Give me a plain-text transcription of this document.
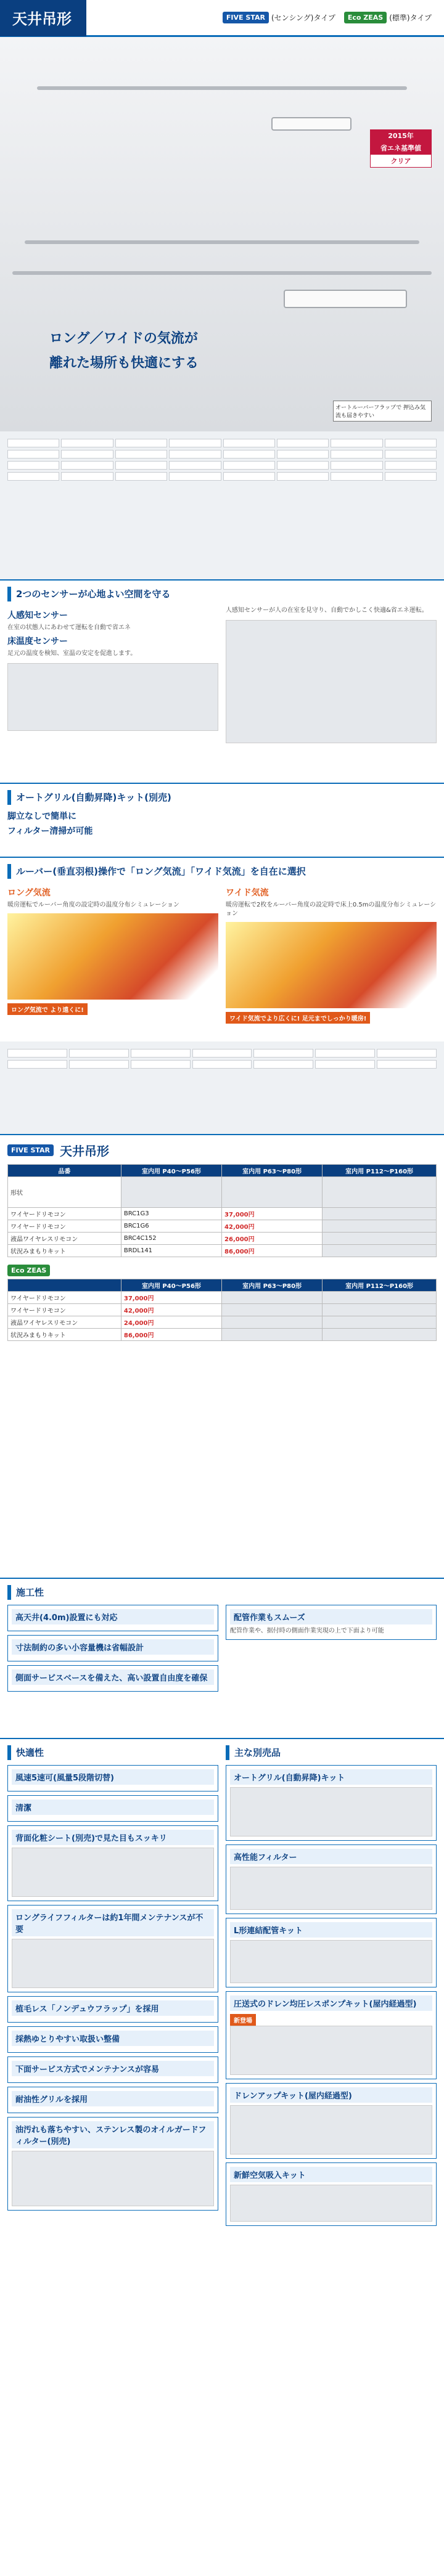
天井吊形	FIVE STAR (センシング)タイプ	Eco ZEAS (標準)タイプ
2015年
省エネ基準値
クリア
ロング／ワイドの気流が
離れた場所も快適にする
オートルーバーフラップで 押込み気流も届きやすい
2つのセンサーが心地よい空間を守る
人感知センサー
在室の状態人にあわせて運転を自動で省エネ
床温度センサー
足元の温度を検知、室温の安定を促進します。
人感知センサーが人の在室を見守り、自動でかしこく快適&省エネ運転。
オートグリル(自動昇降)キット(別売)
脚立なしで簡単に
フィルター清掃が可能
ルーバー(垂直羽根)操作で「ロング気流」「ワイド気流」を自在に選択
ロング気流
暖房運転でルーバー角度の設定時の温度分布シミュレーション
ロング気流で より遠くに!
ワイド気流
暖房運転で2枚をルーバー角度の設定時で床上0.5mの温度分布シミュレーション
ワイド気流でより広くに! 足元までしっかり暖房!
FIVE STAR 天井吊形
品番	室内用 P40〜P56形	室内用 P63〜P80形	室内用 P112〜P160形
形状			
ワイヤードリモコン	BRC1G3	37,000円	
ワイヤードリモコン	BRC1G6	42,000円	
液晶ワイヤレスリモコン	BRC4C152	26,000円	
状況みまもりキット	BRDL141	86,000円	
Eco ZEAS
	室内用 P40〜P56形	室内用 P63〜P80形	室内用 P112〜P160形
ワイヤードリモコン	37,000円		
ワイヤードリモコン	42,000円		
液晶ワイヤレスリモコン	24,000円		
状況みまもりキット	86,000円		
施工性
高天井(4.0m)設置にも対応
寸法制約の多い小容量機は省幅設計
側面サービスベースを備えた、高い設置自由度を確保
配管作業もスムーズ
配管作業や、据付時の側面作業実現の上で下面より可能
快適性
風速5速可(風量5段階切替)
清潔
背面化粧シート(別売)で見た目もスッキリ
ロングライフフィルターは約1年間メンテナンスが不要
植毛レス「ノンデュウフラップ」を採用
採熱ゆとりやすい取扱い整備
下面サービス方式でメンテナンスが容易
耐油性グリルを採用
油汚れも落ちやすい、ステンレス製のオイルガードフィルター(別売)
主な別売品
オートグリル(自動昇降)キット
高性能フィルター
L形連結配管キット
圧送式のドレン均圧レスポンプキット(屋内経過型)
新登場
ドレンアップキット(屋内経過型)
新鮮空気吸入キット
